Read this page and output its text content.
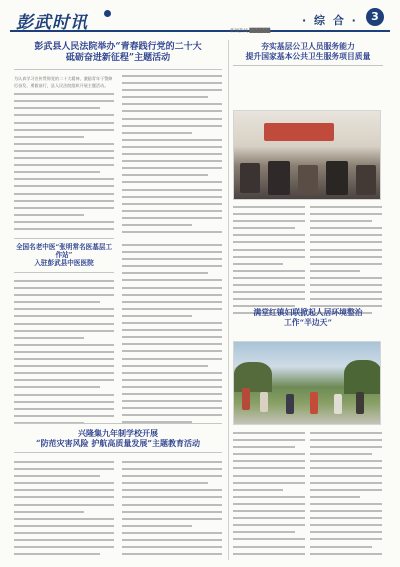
彭武时讯	· 综 合 ·	3
新闻热线 ██████
彭武县人民法院举办“青春践行党的二十大
砥砺奋进新征程”主题活动
为认真学习宣传贯彻党的二十大精神，激励青年干警踔厉奋发、勇毅前行，县人民法院组织开展主题活动。
全国名老中医“张明常名医基层工作站”
入驻彭武县中医医院
兴隆集九年制学校开展
“防范灾害风险 护航高质量发展”主题教育活动
夯实基层公卫人员服务能力
提升国家基本公共卫生服务项目质量
满堂红镇妇联掀起人居环境整治
工作“半边天”
